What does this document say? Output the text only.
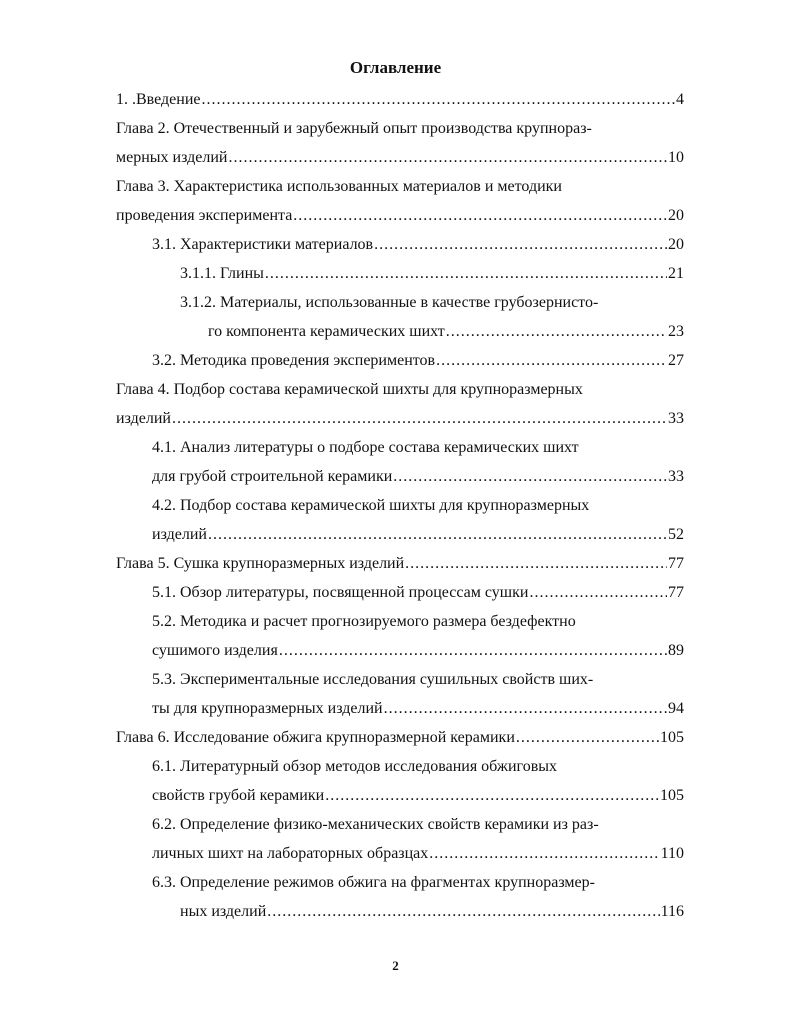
Оглавление
1. .Введение .....	4
Глава 2. Отечественный и зарубежный опыт производства крупнораз-
мерных изделий .....	10
Глава 3. Характеристика использованных материалов и методики
проведения эксперимента .....	20
3.1. Характеристики материалов .....	20
3.1.1. Глины .....	21
3.1.2. Материалы, использованные в качестве грубозернисто-
го компонента керамических шихт .....	23
3.2. Методика проведения экспериментов .....	27
Глава 4. Подбор состава керамической шихты для крупноразмерных
изделий .....	33
4.1. Анализ литературы о подборе состава керамических шихт
для грубой строительной керамики .....	33
4.2. Подбор состава керамической шихты для крупноразмерных
изделий .....	52
Глава 5. Сушка крупноразмерных изделий .....	77
5.1. Обзор литературы, посвященной процессам сушки .....	77
5.2. Методика и расчет прогнозируемого размера бездефектно
сушимого изделия .....	89
5.3. Экспериментальные исследования сушильных свойств ших-
ты для крупноразмерных изделий .....	94
Глава 6. Исследование обжига крупноразмерной керамики .....	105
6.1. Литературный обзор методов исследования обжиговых
свойств грубой керамики .....	105
6.2. Определение физико-механических свойств керамики из раз-
личных шихт на лабораторных образцах .....	110
6.3. Определение режимов обжига на фрагментах крупноразмер-
ных изделий .....	116
2
